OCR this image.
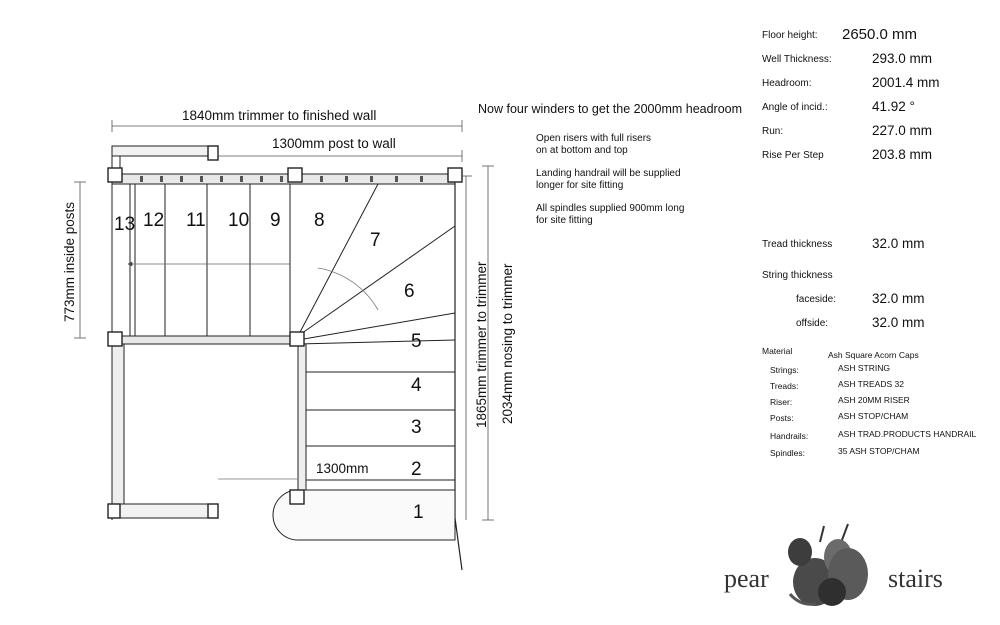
1840mm trimmer to finished wall
1300mm post to wall
773mm inside posts	1865mm trimmer to trimmer 2034mm nosing to trimmer
1300mm
1
2
3
4
5
6
7
8
9
10
11
12
13
Now four winders to get the 2000mm headroom
Open risers with full risers
on at bottom and top
Landing handrail will be supplied
longer for site fitting
All spindles supplied 900mm long
for site fitting
Floor height: 2650.0 mm
Well Thickness:	293.0 mm
Headroom:	2001.4 mm
Angle of incid.:	41.92 °
Run:	227.0 mm
Rise Per Step	203.8 mm
Tread thickness	32.0 mm
String thickness
faceside:	32.0 mm
offside:	32.0 mm
Material	Ash Square Acorn Caps
Strings:	ASH STRING
Treads:	ASH TREADS 32
Riser:	ASH 20MM RISER
Posts:	ASH STOP/CHAM
Handrails:	ASH TRAD.PRODUCTS HANDRAIL
Spindles:	35 ASH STOP/CHAM
pear	stairs
